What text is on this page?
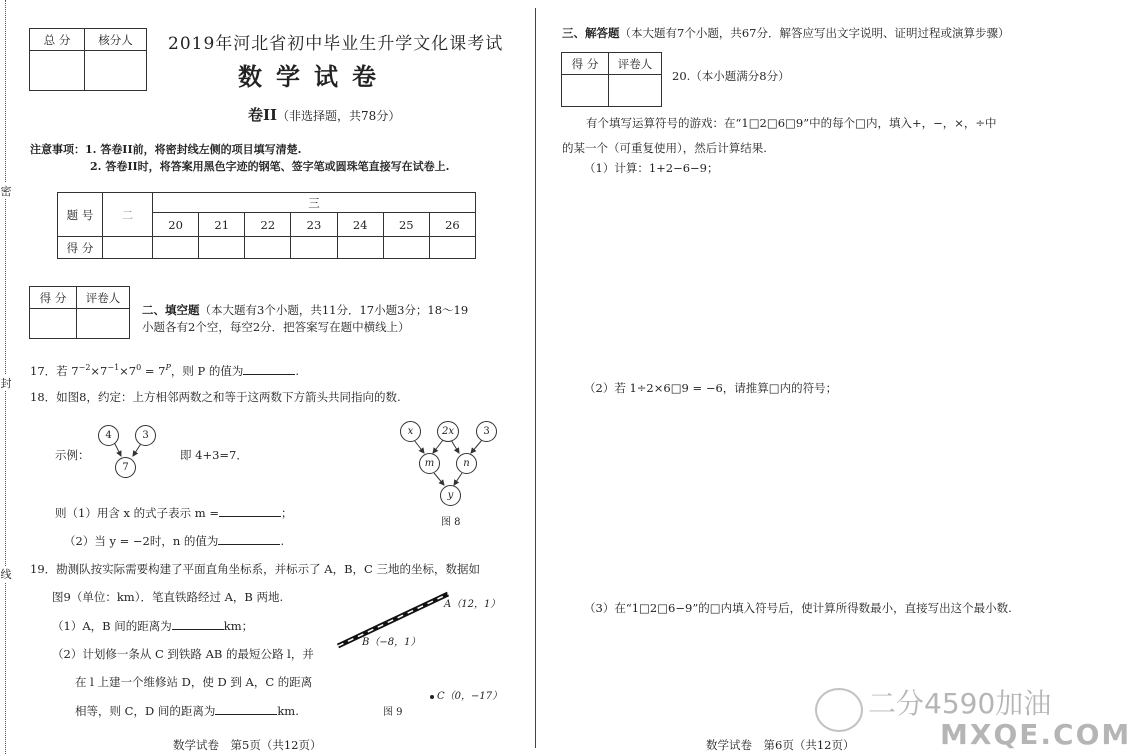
密
封
线
总 分	核分人
	2019年河北省初中毕业生升学文化课考试
数学试卷
卷II（非选择题，共78分）
注意事项：1. 答卷II前，将密封线左侧的项目填写清楚.
2. 答卷II时，将答案用黑色字迹的钢笔、签字笔或圆珠笔直接写在试卷上.
题 号	二	三						
		20	21	22	23	24	25	26
得 分								
得 分	评卷人

二、填空题（本大题有3个小题，共11分．17小题3分；18～19
小题各有2个空，每空2分．把答案写在题中横线上）
17．若 $7^{-2}\times 7^{-1}\times 7^0 = 7^P$，则 P 的值为	.
18．如图8，约定：上方相邻两数之和等于这两数下方箭头共同指向的数.
4	3
7
示例：	即 4+3=7．
x	2x	3
m	n
y
图 8
则（1）用含 x 的式子表示 m =	；
（2）当 y = −2时，n 的值为	.
19．勘测队按实际需要构建了平面直角坐标系，并标示了 A，B，C 三地的坐标，数据如
图9（单位：km）．笔直铁路经过 A，B 两地.
（1）A，B 间的距离为	km；
（2）计划修一条从 C 到铁路 AB 的最短公路 l，并
在 l 上建一个维修站 D，使 D 到 A，C 的距离
相等，则 C，D 间的距离为	km.
A（12，1）
B（−8，1）
C（0，−17）
图 9
数学试卷　第5页（共12页）
三、解答题（本大题有7个小题，共67分．解答应写出文字说明、证明过程或演算步骤）
得 分	评卷人

20.（本小题满分8分）
有个填写运算符号的游戏：在“1□2□6□9”中的每个□内，填入+，−，×，÷中
的某一个（可重复使用），然后计算结果.
（1）计算：1+2−6−9；
（2）若 1÷2×6□9 = −6，请推算□内的符号；
（3）在“1□2□6−9”的□内填入符号后，使计算所得数最小，直接写出这个最小数.
数学试卷　第6页（共12页）
二分4590加油
MXQE.COM
